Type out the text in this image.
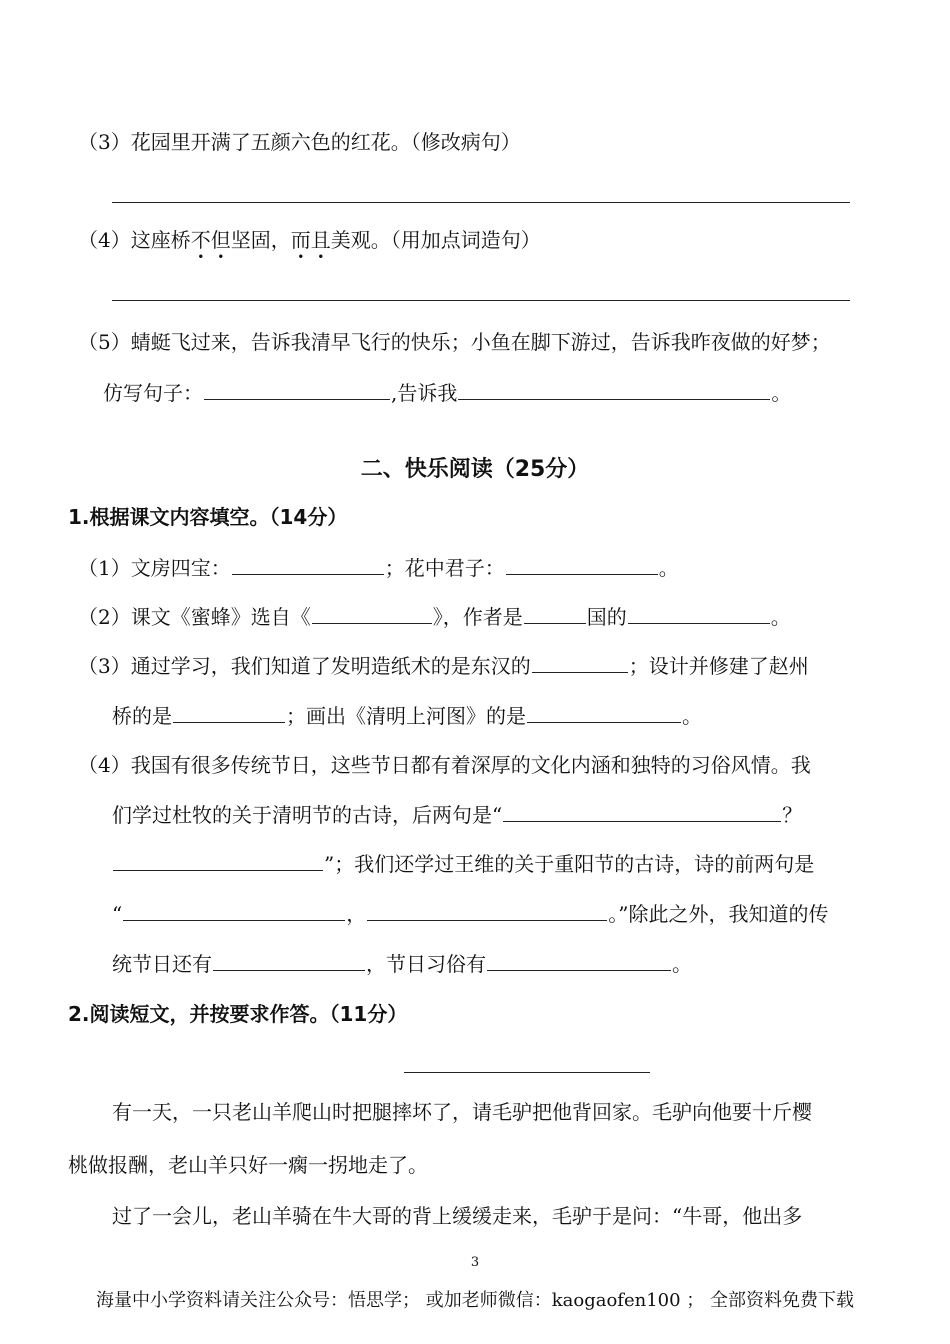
（3）花园里开满了五颜六色的红花。（修改病句）
（4）这座桥不但
• •
坚固，而且
• •
美观。（用加点词造句）
（5）蜻蜓飞过来，告诉我清早飞行的快乐；小鱼在脚下游过，告诉我昨夜做的好梦；
仿写句子：	,告诉我	。
二、快乐阅读（25分）
1.根据课文内容填空。（14分）
（1）文房四宝：	；花中君子：	。
（2）课文《蜜蜂》选自《	》，作者是	国的	。
（3）通过学习，我们知道了发明造纸术的是东汉的	；设计并修建了赵州
桥的是	；画出《清明上河图》的是	。
（4）我国有很多传统节日，这些节日都有着深厚的文化内涵和独特的习俗风情。我
们学过杜牧的关于清明节的古诗，后两句是“	？
”；我们还学过王维的关于重阳节的古诗，诗的前两句是
“	，	。”除此之外，我知道的传
统节日还有	，节日习俗有	。
2.阅读短文，并按要求作答。（11分）
有一天，一只老山羊爬山时把腿摔坏了，请毛驴把他背回家。毛驴向他要十斤樱
桃做报酬，老山羊只好一瘸一拐地走了。
过了一会儿，老山羊骑在牛大哥的背上缓缓走来，毛驴于是问：“牛哥，他出多
3
海量中小学资料请关注公众号：悟思学； 或加老师微信：kaogaofen100 ； 全部资料免费下载
